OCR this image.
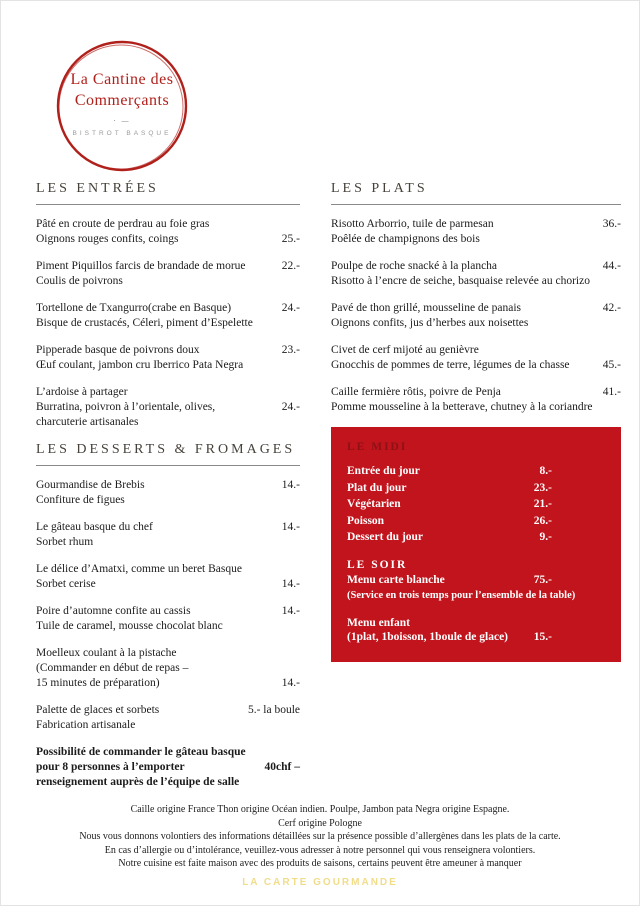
La Cantine des
Commerçants
· —
BISTROT BASQUE
LES ENTRÉES
Pâté en croute de perdrau au foie gras
Oignons rouges confits, coings	25.-
Piment Piquillos farcis de brandade de morue	22.-
Coulis de poivrons
Tortellone de Txangurro(crabe en Basque)	24.-
Bisque de crustacés, Céleri, piment d’Espelette
Pipperade basque de poivrons doux	23.-
Œuf coulant, jambon cru Iberrico Pata Negra
L’ardoise à partager
Burratina, poivron à l’orientale, olives,	24.-
charcuterie artisanales
LES DESSERTS & FROMAGES
Gourmandise de Brebis	14.-
Confiture de figues
Le gâteau basque du chef	14.-
Sorbet rhum
Le délice d’Amatxi, comme un beret Basque
Sorbet cerise	14.-
Poire d’automne confite au cassis	14.-
Tuile de caramel, mousse chocolat blanc
Moelleux coulant à la pistache
(Commander en début de repas –
15 minutes de préparation)	14.-
Palette de glaces et sorbets	5.- la boule
Fabrication artisanale
Possibilité de commander le gâteau basque
pour 8 personnes à l’emporter	40chf –
renseignement auprès de l’équipe de salle
LES PLATS
Risotto Arborrio, tuile de parmesan	36.-
Poêlée de champignons des bois
Poulpe de roche snacké à la plancha	44.-
Risotto à l’encre de seiche, basquaise relevée au chorizo
Pavé de thon grillé, mousseline de panais	42.-
Oignons confits, jus d’herbes aux noisettes
Civet de cerf mijoté au genièvre
Gnocchis de pommes de terre, légumes de la chasse	45.-
Caille fermière rôtis, poivre de Penja	41.-
Pomme mousseline à la betterave, chutney à la coriandre
LE MIDI
Entrée du jour	8.-
Plat du jour	23.-
Végétarien	21.-
Poisson	26.-
Dessert du jour	9.-
LE SOIR
Menu carte blanche	75.-
(Service en trois temps pour l’ensemble de la table)
Menu enfant
(1plat, 1boisson, 1boule de glace) 15.-
Caille origine France Thon origine Océan indien. Poulpe, Jambon pata Negra origine Espagne.
Cerf origine Pologne
Nous vous donnons volontiers des informations détaillées sur la présence possible d’allergènes dans les plats de la carte.
En cas d’allergie ou d’intolérance, veuillez-vous adresser à notre personnel qui vous renseignera volontiers.
Notre cuisine est faite maison avec des produits de saisons, certains peuvent être ameuner à manquer
LA CARTE GOURMANDE
